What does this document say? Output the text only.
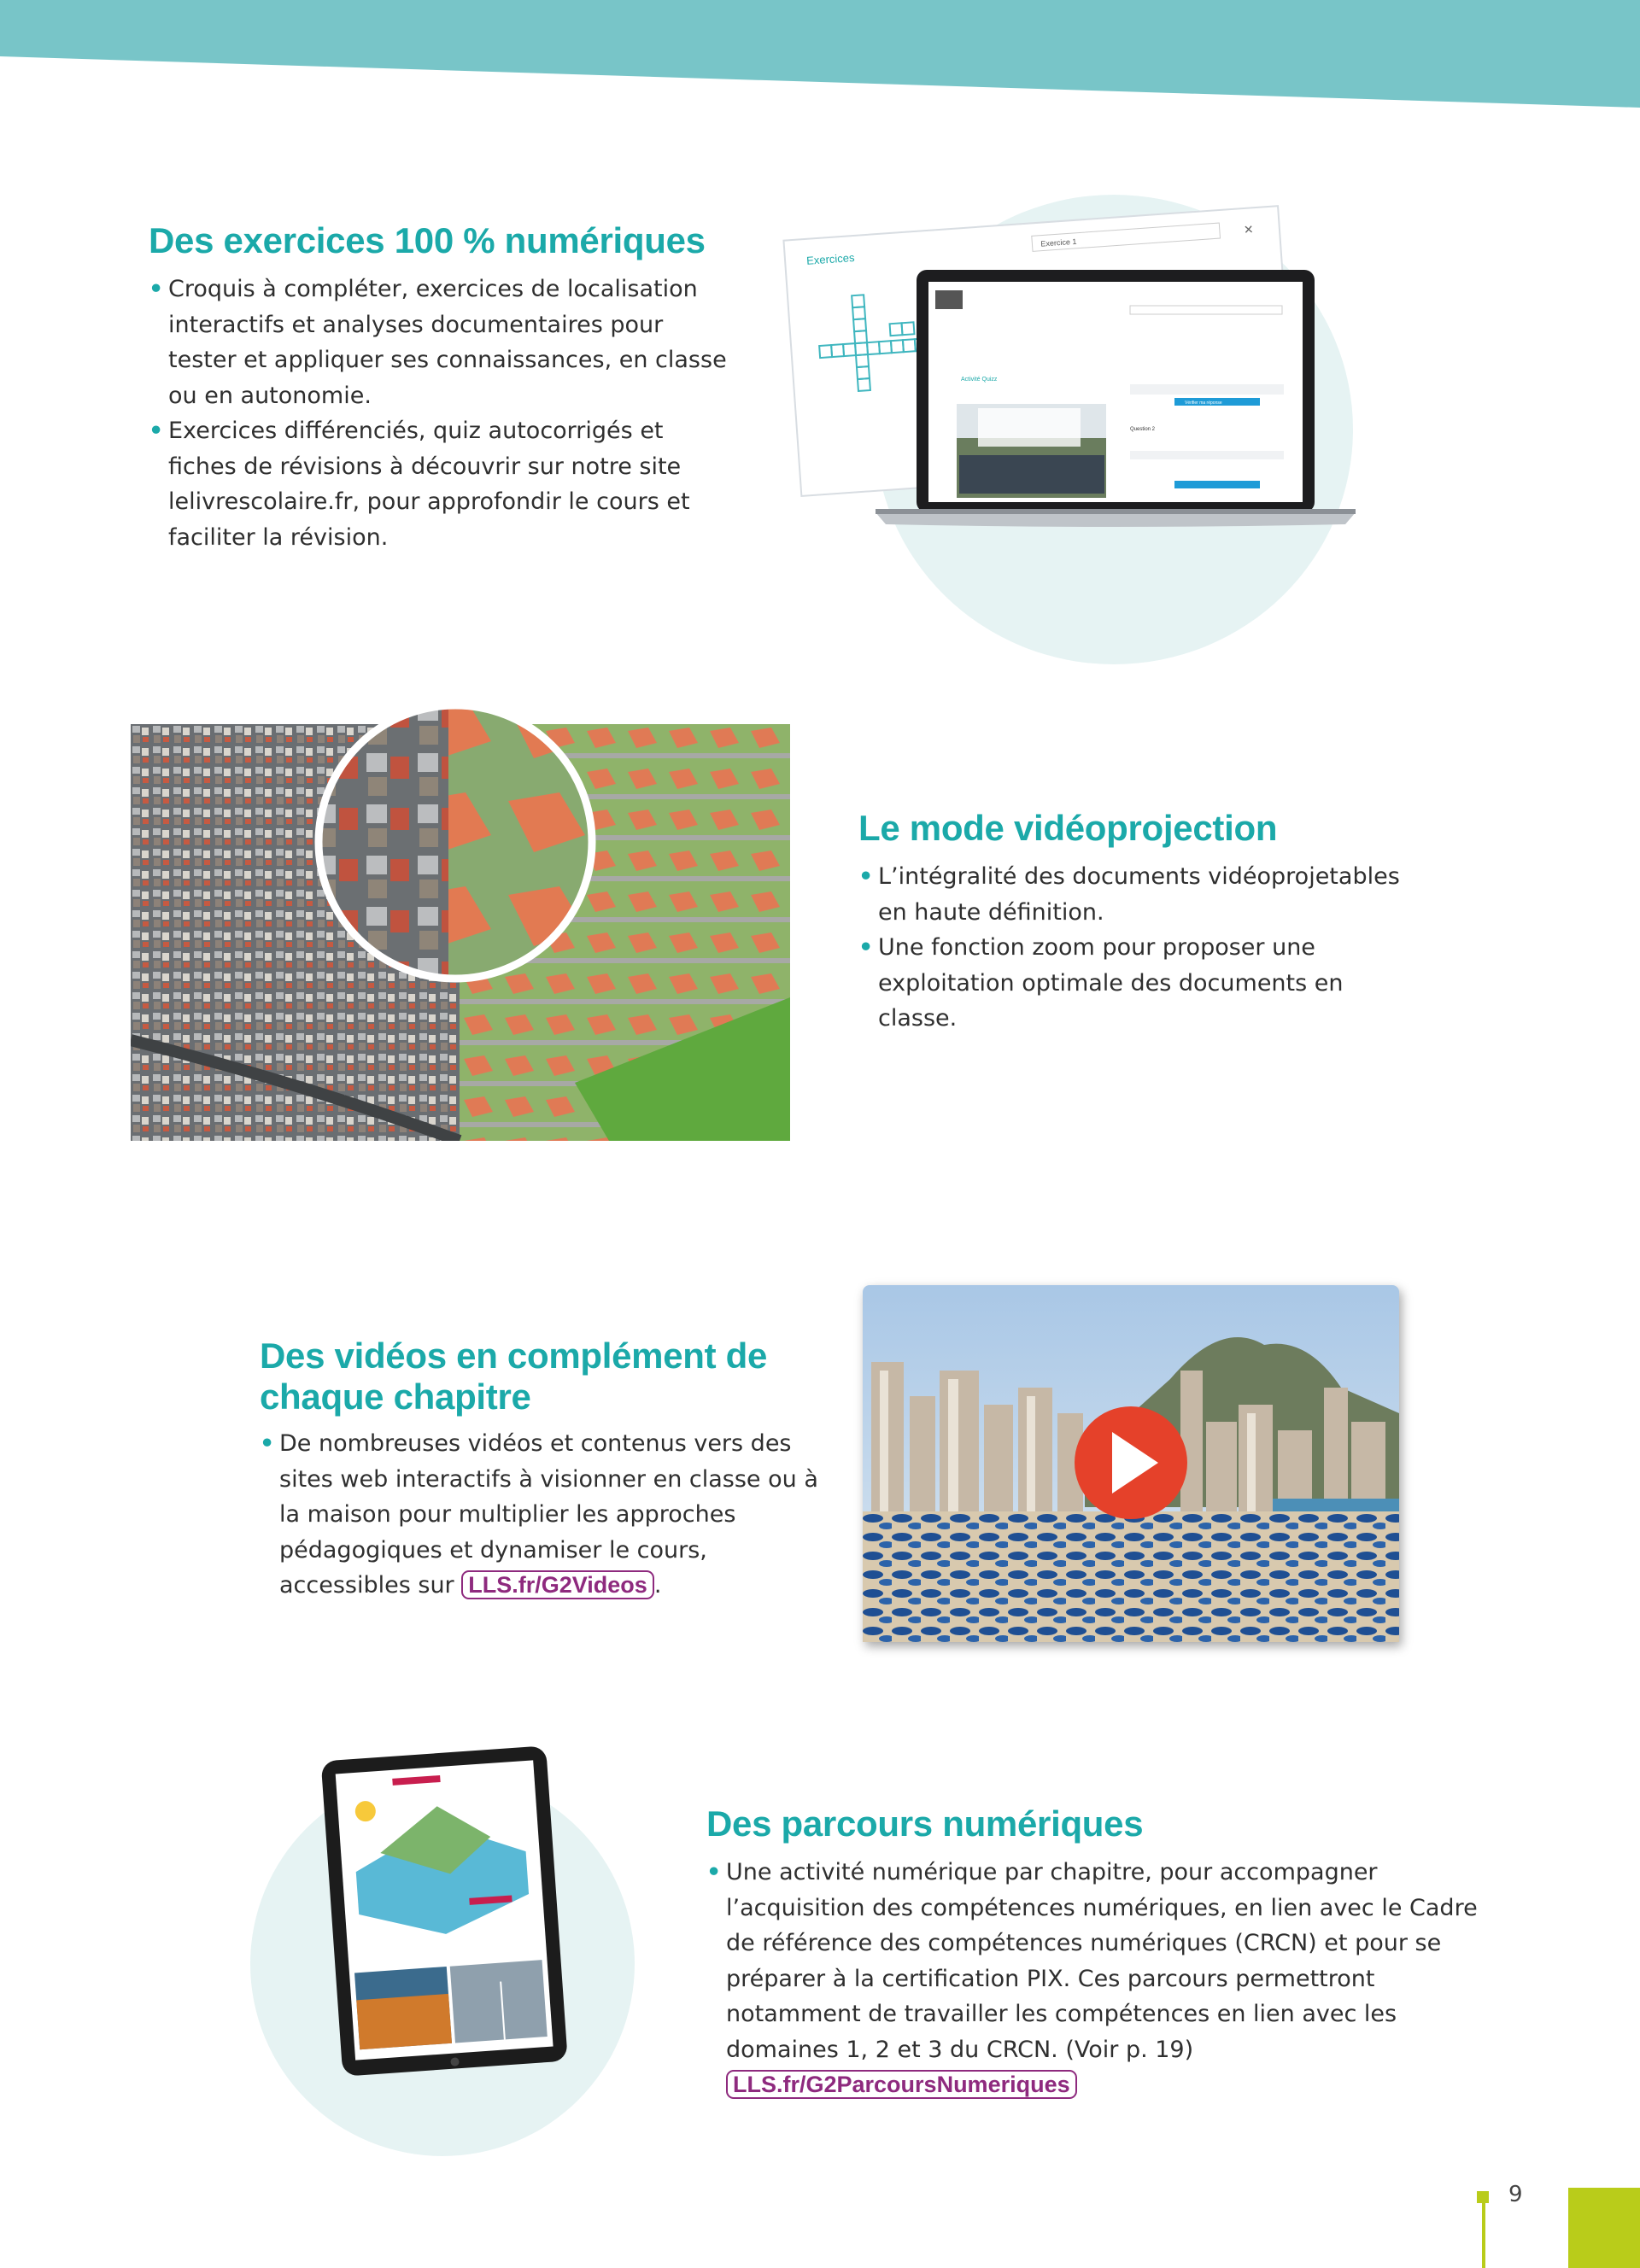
Des exercices 100 % numériques
• Croquis à compléter, exercices de localisation interactifs et analyses documentaires pour tester et appliquer ses connaissances, en classe ou en autonomie.
• Exercices différenciés, quiz autocorrigés et fiches de révisions à découvrir sur notre site lelivrescolaire.fr, pour approfondir le cours et faciliter la révision.
Exercices
Exercice 1
✕
Activité Quizz
Vérifier ma réponse
Question 2
Le mode vidéoprojection
• L’intégralité des documents vidéoprojetables en haute définition.
• Une fonction zoom pour proposer une exploitation optimale des documents en classe.
Des vidéos en complément de chaque chapitre
• De nombreuses vidéos et contenus vers des sites web interactifs à visionner en classe ou à la maison pour multiplier les approches pédagogiques et dynamiser le cours, accessibles sur LLS.fr/G2Videos .
Des parcours numériques
• Une activité numérique par chapitre, pour accompagner l’acquisition des compétences numériques, en lien avec le Cadre de référence des compétences numériques (CRCN) et pour se préparer à la certification PIX. Ces parcours permettront notamment de travailler les compétences en lien avec les domaines 1, 2 et 3 du CRCN. (Voir p. 19) LLS.fr/G2ParcoursNumeriques
9
